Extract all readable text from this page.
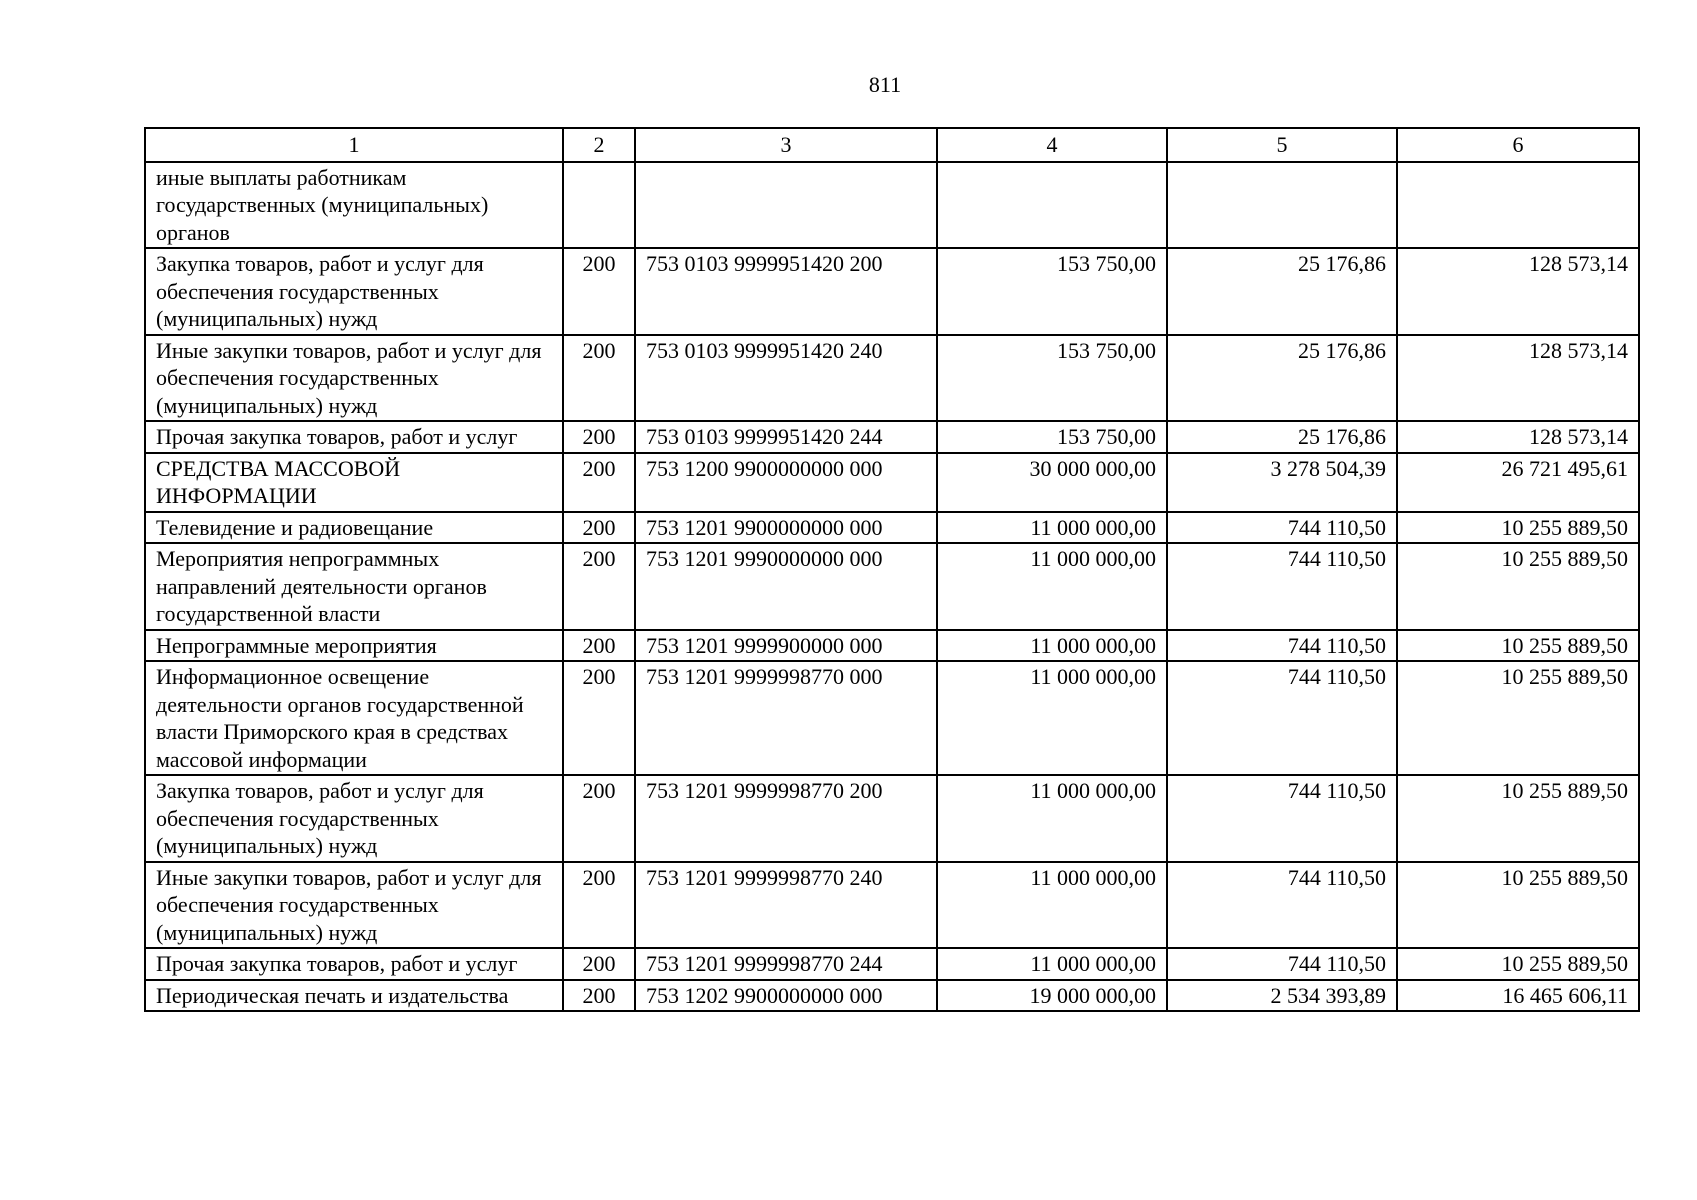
811
1	2	3	4	5	6
иные выплаты работникам государственных (муниципальных) органов					
Закупка товаров, работ и услуг для обеспечения государственных (муниципальных) нужд	200	753 0103 9999951420 200	153 750,00	25 176,86	128 573,14
Иные закупки товаров, работ и услуг для обеспечения государственных (муниципальных) нужд	200	753 0103 9999951420 240	153 750,00	25 176,86	128 573,14
Прочая закупка товаров, работ и услуг	200	753 0103 9999951420 244	153 750,00	25 176,86	128 573,14
СРЕДСТВА МАССОВОЙ ИНФОРМАЦИИ	200	753 1200 9900000000 000	30 000 000,00	3 278 504,39	26 721 495,61
Телевидение и радиовещание	200	753 1201 9900000000 000	11 000 000,00	744 110,50	10 255 889,50
Мероприятия непрограммных направлений деятельности органов государственной власти	200	753 1201 9990000000 000	11 000 000,00	744 110,50	10 255 889,50
Непрограммные мероприятия	200	753 1201 9999900000 000	11 000 000,00	744 110,50	10 255 889,50
Информационное освещение деятельности органов государственной власти Приморского края в средствах массовой информации	200	753 1201 9999998770 000	11 000 000,00	744 110,50	10 255 889,50
Закупка товаров, работ и услуг для обеспечения государственных (муниципальных) нужд	200	753 1201 9999998770 200	11 000 000,00	744 110,50	10 255 889,50
Иные закупки товаров, работ и услуг для обеспечения государственных (муниципальных) нужд	200	753 1201 9999998770 240	11 000 000,00	744 110,50	10 255 889,50
Прочая закупка товаров, работ и услуг	200	753 1201 9999998770 244	11 000 000,00	744 110,50	10 255 889,50
Периодическая печать и издательства	200	753 1202 9900000000 000	19 000 000,00	2 534 393,89	16 465 606,11
